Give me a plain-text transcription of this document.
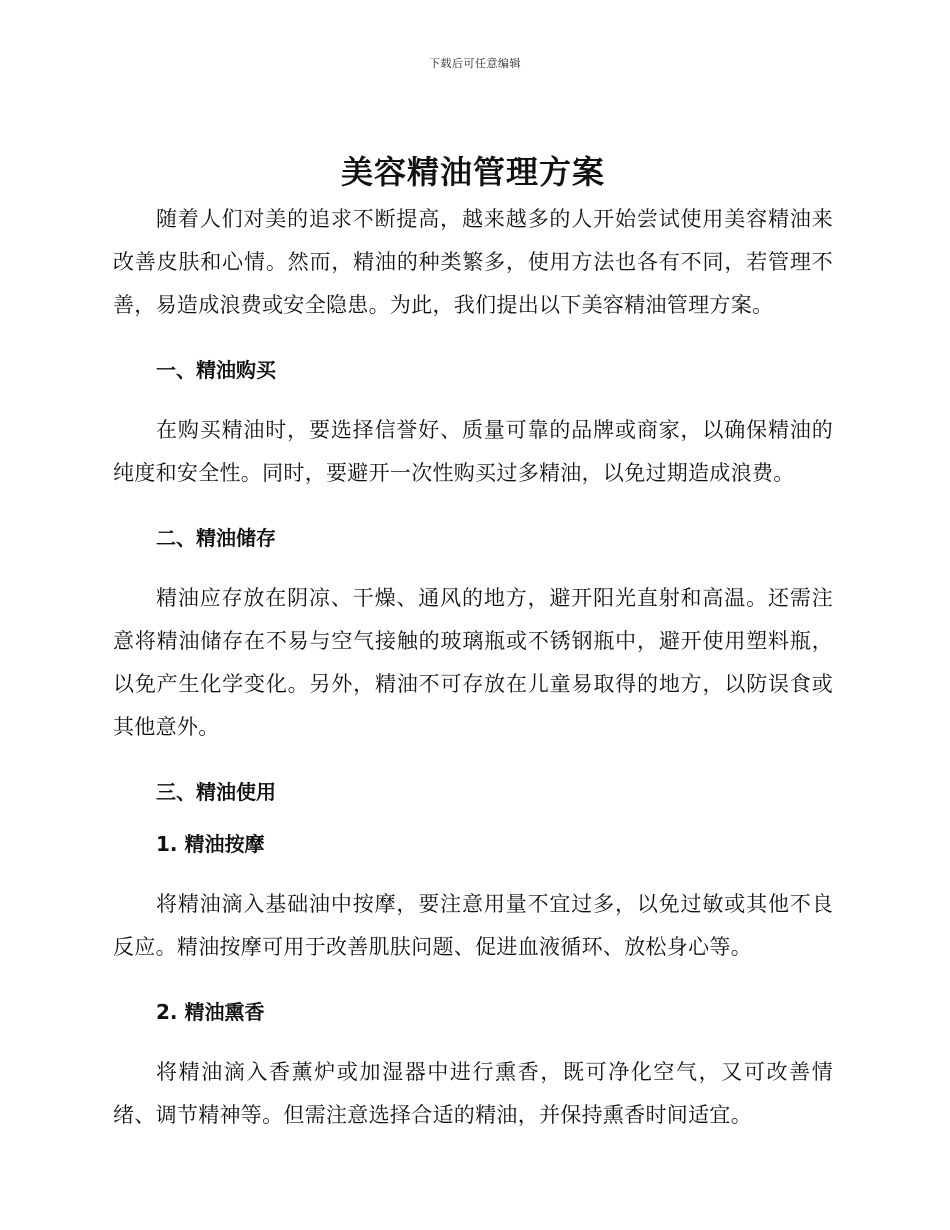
下载后可任意编辑
美容精油管理方案

随着人们对美的追求不断提高，越来越多的人开始尝试使用美容精油来改善皮肤和心情。然而，精油的种类繁多，使用方法也各有不同，若管理不善，易造成浪费或安全隐患。为此，我们提出以下美容精油管理方案。

一、精油购买

在购买精油时，要选择信誉好、质量可靠的品牌或商家，以确保精油的纯度和安全性。同时，要避开一次性购买过多精油，以免过期造成浪费。

二、精油储存

精油应存放在阴凉、干燥、通风的地方，避开阳光直射和高温。还需注意将精油储存在不易与空气接触的玻璃瓶或不锈钢瓶中，避开使用塑料瓶，以免产生化学变化。另外，精油不可存放在儿童易取得的地方，以防误食或其他意外。

三、精油使用
1. 精油按摩

将精油滴入基础油中按摩，要注意用量不宜过多，以免过敏或其他不良反应。精油按摩可用于改善肌肤问题、促进血液循环、放松身心等。

2. 精油熏香

将精油滴入香薰炉或加湿器中进行熏香，既可净化空气，又可改善情绪、调节精神等。但需注意选择合适的精油，并保持熏香时间适宜。
